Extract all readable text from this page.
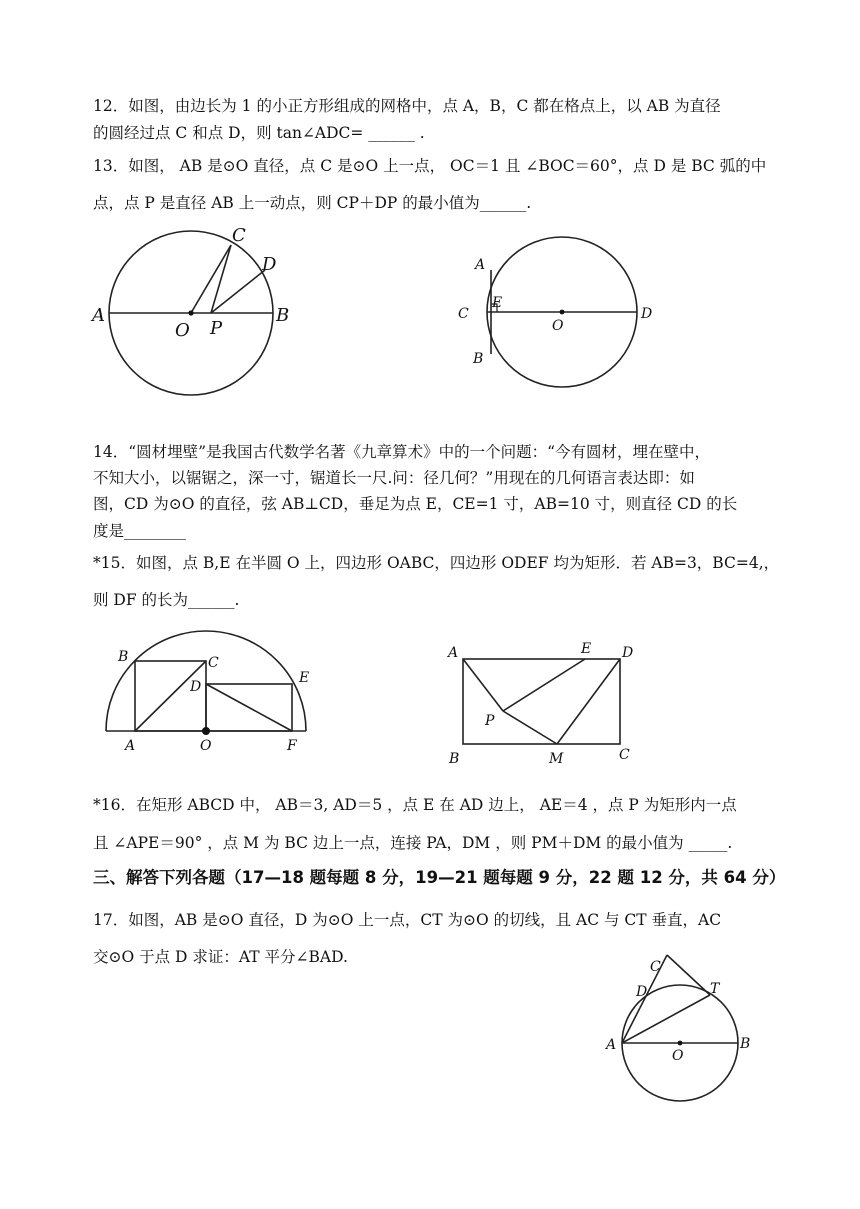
12．如图，由边长为 1 的小正方形组成的网格中，点 A，B，C 都在格点上，以 AB 为直径
的圆经过点 C 和点 D，则 tan∠ADC= ______ .
13．如图， AB 是⊙O 直径，点 C 是⊙O 上一点， OC＝1 且 ∠BOC＝60°，点 D 是 BC 弧的中
点，点 P 是直径 AB 上一动点，则 CP＋DP 的最小值为______.
A	B
C
D
O P
A
B
C	D
E
O
14．“圆材埋壁”是我国古代数学名著《九章算术》中的一个问题：“今有圆材，埋在壁中，
不知大小，以锯锯之，深一寸，锯道长一尺.问：径几何？”用现在的几何语言表达即：如
图，CD 为⊙O 的直径，弦 AB⊥CD，垂足为点 E，CE=1 寸，AB=10 寸，则直径 CD 的长
度是________
*15．如图，点 B,E 在半圆 O 上，四边形 OABC，四边形 ODEF 均为矩形．若 AB=3，BC=4,，
则 DF 的长为______.
B	C
D
E
A	O	F
A	D
E
P
B	M	C
*16．在矩形 ABCD 中， AB＝3, AD＝5 ，点 E 在 AD 边上， AE＝4 ，点 P 为矩形内一点
且 ∠APE＝90° ，点 M 为 BC 边上一点，连接 PA，DM ，则 PM＋DM 的最小值为 _____.
三、解答下列各题（17—18 题每题 8 分，19—21 题每题 9 分，22 题 12 分，共 64 分）
17．如图，AB 是⊙O 直径，D 为⊙O 上一点，CT 为⊙O 的切线，且 AC 与 CT 垂直，AC
交⊙O 于点 D 求证：AT 平分∠BAD.
C
D	T
A
O
B
